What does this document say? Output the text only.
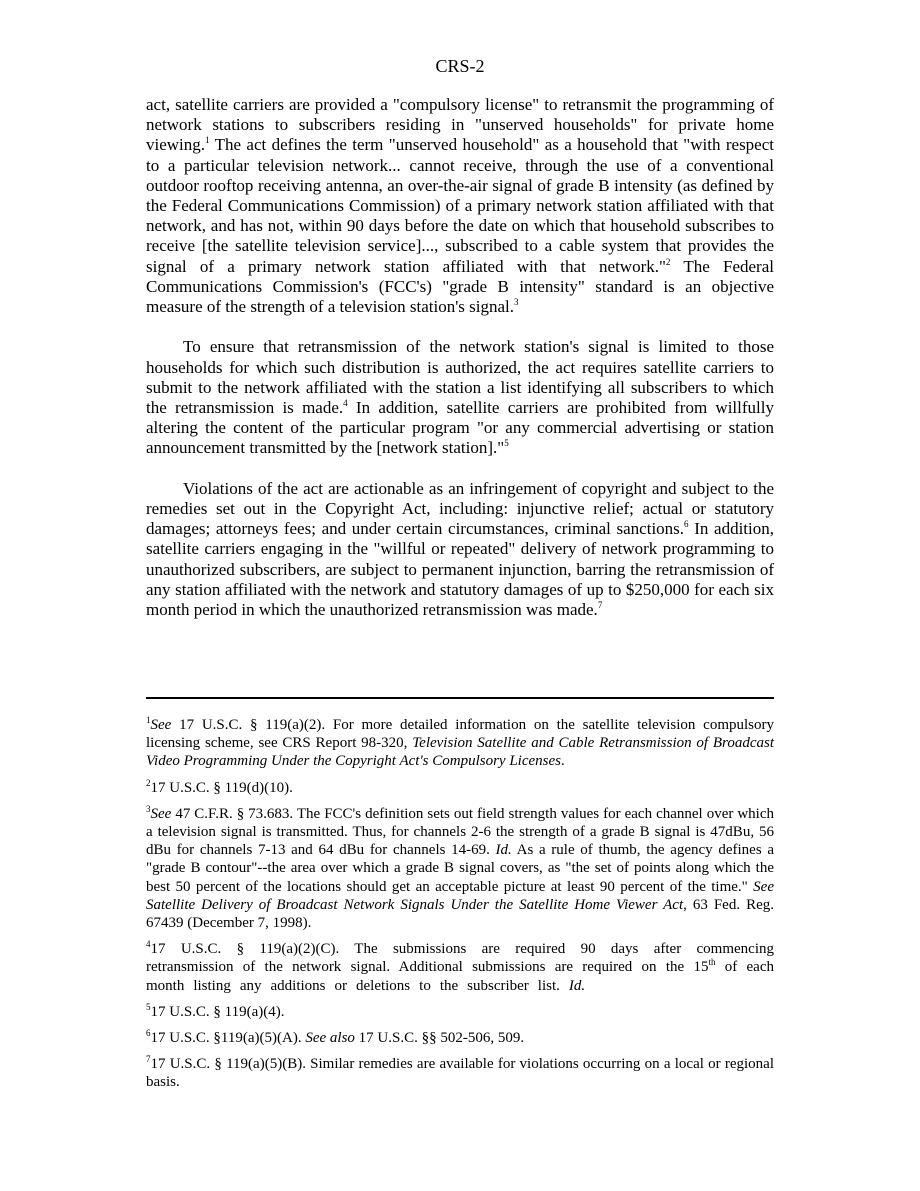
CRS-2

act, satellite carriers are provided a "compulsory license" to retransmit the programming of network stations to subscribers residing in "unserved households" for private home viewing.$^1$ The act defines the term "unserved household" as a household that "with respect to a particular television network... cannot receive, through the use of a conventional outdoor rooftop receiving antenna, an over-the-air signal of grade B intensity (as defined by the Federal Communications Commission) of a primary network station affiliated with that network, and has not, within 90 days before the date on which that household subscribes to receive [the satellite television service]..., subscribed to a cable system that provides the signal of a primary network station affiliated with that network."$^2$ The Federal Communications Commission's (FCC's) "grade B intensity" standard is an objective measure of the strength of a television station's signal.$^3$

To ensure that retransmission of the network station's signal is limited to those households for which such distribution is authorized, the act requires satellite carriers to submit to the network affiliated with the station a list identifying all subscribers to which the retransmission is made.$^4$ In addition, satellite carriers are prohibited from willfully altering the content of the particular program "or any commercial advertising or station announcement transmitted by the [network station]."$^5$

Violations of the act are actionable as an infringement of copyright and subject to the remedies set out in the Copyright Act, including: injunctive relief; actual or statutory damages; attorneys fees; and under certain circumstances, criminal sanctions.$^6$ In addition, satellite carriers engaging in the "willful or repeated" delivery of network programming to unauthorized subscribers, are subject to permanent injunction, barring the retransmission of any station affiliated with the network and statutory damages of up to $250,000 for each six month period in which the unauthorized retransmission was made.$^7$

$^1$See 17 U.S.C. § 119(a)(2). For more detailed information on the satellite television compulsory licensing scheme, see CRS Report 98-320, Television Satellite and Cable Retransmission of Broadcast Video Programming Under the Copyright Act's Compulsory Licenses.

$^2$17 U.S.C. § 119(d)(10).

$^3$See 47 C.F.R. § 73.683. The FCC's definition sets out field strength values for each channel over which a television signal is transmitted. Thus, for channels 2-6 the strength of a grade B signal is 47dBu, 56 dBu for channels 7-13 and 64 dBu for channels 14-69. Id. As a rule of thumb, the agency defines a "grade B contour"--the area over which a grade B signal covers, as "the set of points along which the best 50 percent of the locations should get an acceptable picture at least 90 percent of the time." See Satellite Delivery of Broadcast Network Signals Under the Satellite Home Viewer Act, 63 Fed. Reg. 67439 (December 7, 1998).

$^4$17 U.S.C. § 119(a)(2)(C). The submissions are required 90 days after commencing retransmission of the network signal. Additional submissions are required on the 15th of each month listing any additions or deletions to the subscriber list. Id.

$^5$17 U.S.C. § 119(a)(4).

$^6$17 U.S.C. §119(a)(5)(A). See also 17 U.S.C. §§ 502-506, 509.

$^7$17 U.S.C. § 119(a)(5)(B). Similar remedies are available for violations occurring on a local or regional basis.
